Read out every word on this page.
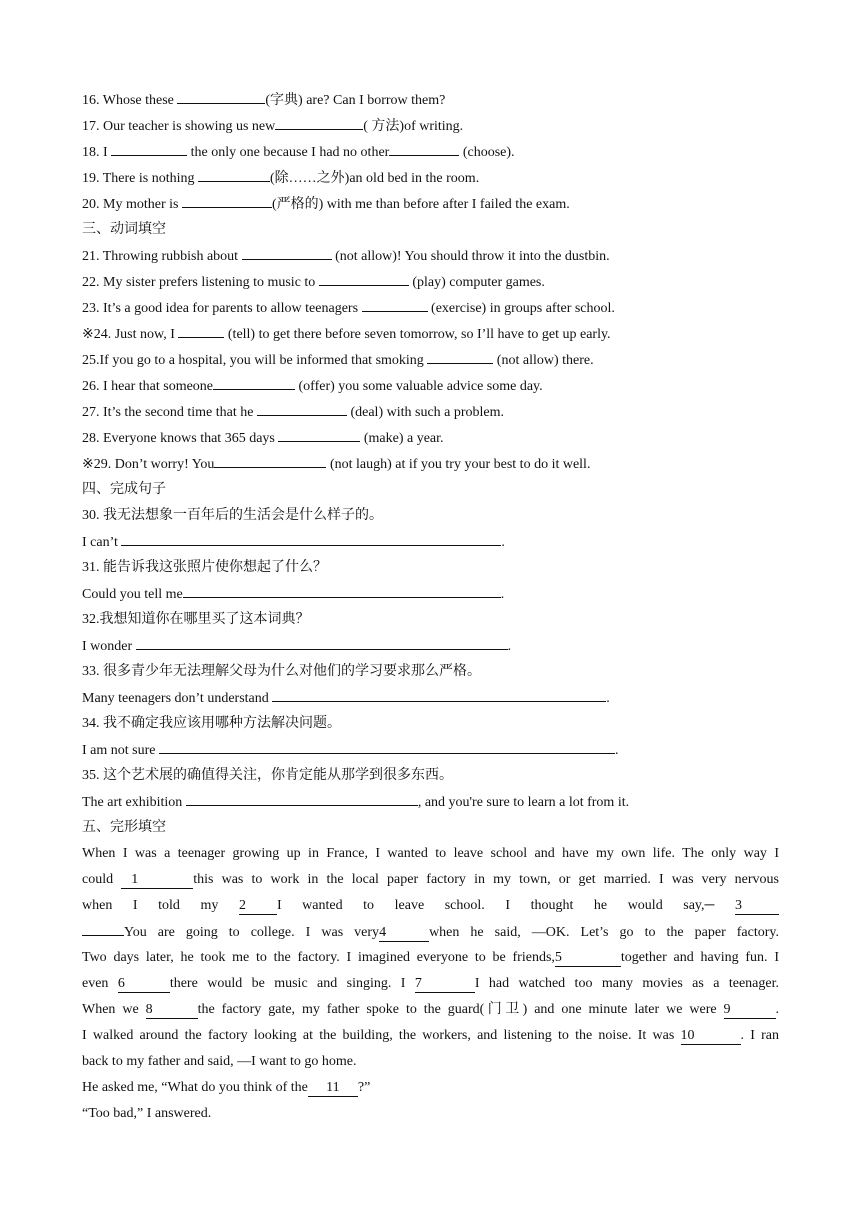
16. Whose these	(字典) are? Can I borrow them?
17. Our teacher is showing us new	( 方法)of writing.
18. I	the only one because I had no other	(choose).
19. There is nothing	(除……之外)an old bed in the room.
20. My mother is	(严格的) with me than before after I failed the exam.
三、动词填空
21. Throwing rubbish about	(not allow)! You should throw it into the dustbin.
22. My sister prefers listening to music to	(play) computer games.
23. It’s a good idea for parents to allow teenagers	(exercise) in groups after school.
※24. Just now, I	(tell) to get there before seven tomorrow, so I’ll have to get up early.
25.If you go to a hospital, you will be informed that smoking	(not allow) there.
26. I hear that someone	(offer) you some valuable advice some day.
27. It’s the second time that he	(deal) with such a problem.
28. Everyone knows that 365 days	(make) a year.
※29. Don’t worry! You	(not laugh) at if you try your best to do it well.
四、完成句子
30. 我无法想象一百年后的生活会是什么样子的。
I can’t	.
31. 能告诉我这张照片使你想起了什么？
Could you tell me	.
32.我想知道你在哪里买了这本词典？
I wonder	.
33. 很多青少年无法理解父母为什么对他们的学习要求那么严格。
Many teenagers don’t understand	.
34. 我不确定我应该用哪种方法解决问题。
I am not sure	.
35. 这个艺术展的确值得关注，你肯定能从那学到很多东西。
The art exhibition	, and you're sure to learn a lot from it.
五、完形填空
When I was a teenager growing up in France, I wanted to leave school and have my own life. The only way I
could 1	this was to work in the local paper factory in my town, or get married. I was very nervous
when I told my 2 I wanted to leave school. I thought he would say,─ 3
You are going to college. I was very4	when he said, ―OK. Let’s go to the paper factory.
Two days later, he took me to the factory. I imagined everyone to be friends,5	together and having fun. I
even 6	there would be music and singing. I 7	I had watched too many movies as a teenager.
When we 8	the factory gate, my father spoke to the guard(门卫) and one minute later we were 9	.
I walked around the factory looking at the building, the workers, and listening to the noise. It was 10	. I ran
back to my father and said, ―I want to go home.
He asked me, “What do you think of the 11 ?”
“Too bad,” I answered.
